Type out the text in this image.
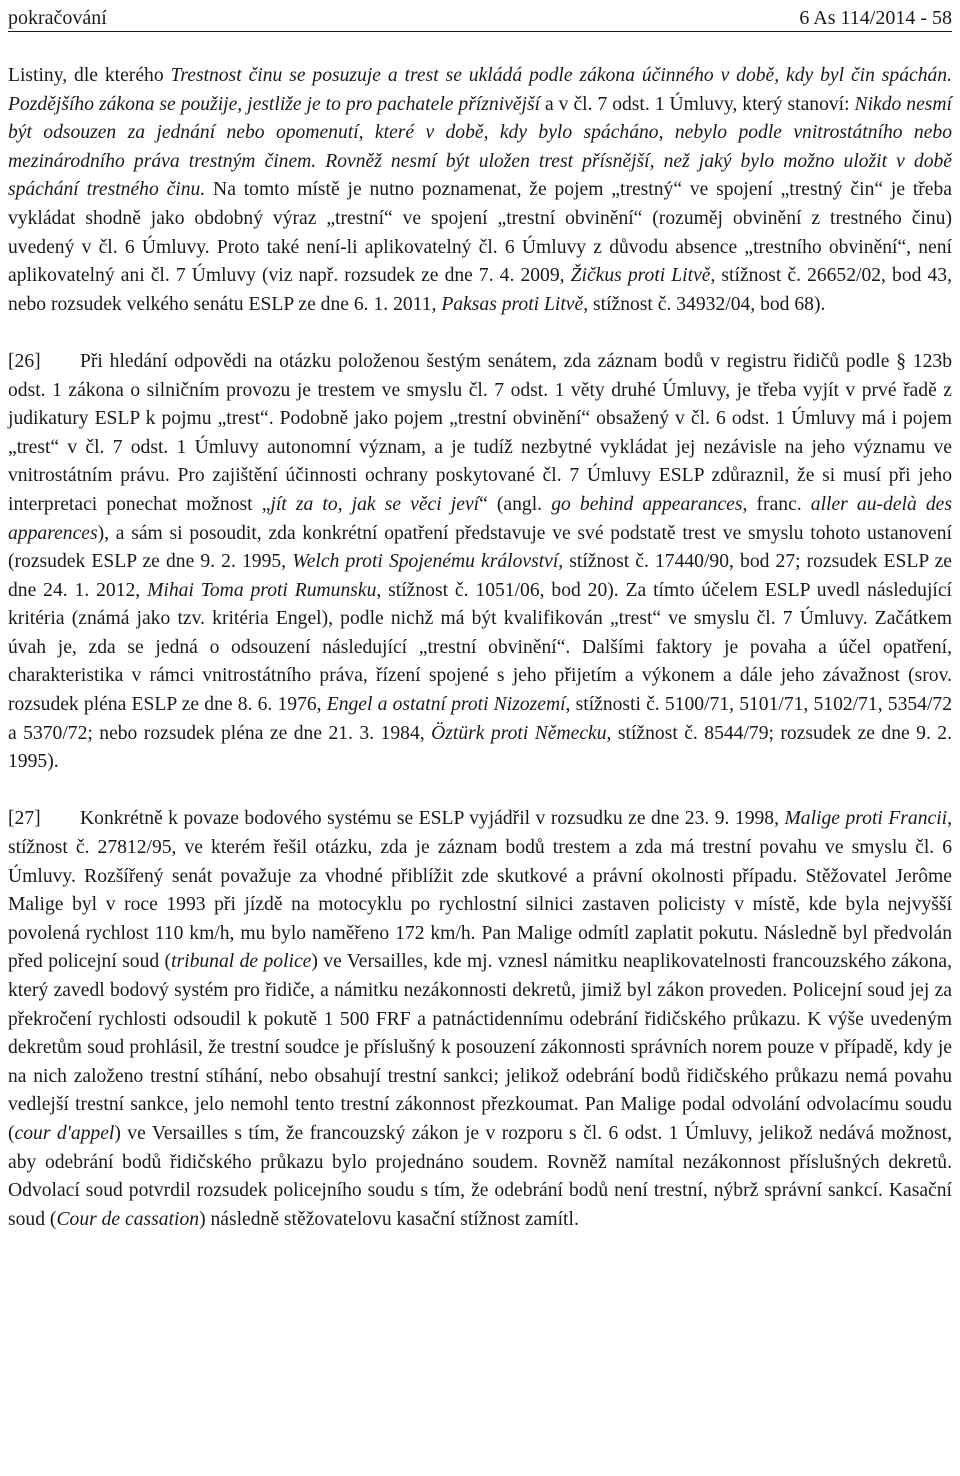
pokračování	6 As 114/2014 - 58

Listiny, dle kterého Trestnost činu se posuzuje a trest se ukládá podle zákona účinného v době, kdy byl čin spáchán. Pozdějšího zákona se použije, jestliže je to pro pachatele příznivější a v čl. 7 odst. 1 Úmluvy, který stanoví: Nikdo nesmí být odsouzen za jednání nebo opomenutí, které v době, kdy bylo spácháno, nebylo podle vnitrostátního nebo mezinárodního práva trestným činem. Rovněž nesmí být uložen trest přísnější, než jaký bylo možno uložit v době spáchání trestného činu. Na tomto místě je nutno poznamenat, že pojem „trestný“ ve spojení „trestný čin“ je třeba vykládat shodně jako obdobný výraz „trestní“ ve spojení „trestní obvinění“ (rozuměj obvinění z trestného činu) uvedený v čl. 6 Úmluvy. Proto také není-li aplikovatelný čl. 6 Úmluvy z důvodu absence „trestního obvinění“, není aplikovatelný ani čl. 7 Úmluvy (viz např. rozsudek ze dne 7. 4. 2009, Žičkus proti Litvě, stížnost č. 26652/02, bod 43, nebo rozsudek velkého senátu ESLP ze dne 6. 1. 2011, Paksas proti Litvě, stížnost č. 34932/04, bod 68).

[26] Při hledání odpovědi na otázku položenou šestým senátem, zda záznam bodů v registru řidičů podle § 123b odst. 1 zákona o silničním provozu je trestem ve smyslu čl. 7 odst. 1 věty druhé Úmluvy, je třeba vyjít v prvé řadě z judikatury ESLP k pojmu „trest“. Podobně jako pojem „trestní obvinění“ obsažený v čl. 6 odst. 1 Úmluvy má i pojem „trest“ v čl. 7 odst. 1 Úmluvy autonomní význam, a je tudíž nezbytné vykládat jej nezávisle na jeho významu ve vnitrostátním právu. Pro zajištění účinnosti ochrany poskytované čl. 7 Úmluvy ESLP zdůraznil, že si musí při jeho interpretaci ponechat možnost „jít za to, jak se věci jeví“ (angl. go behind appearances, franc. aller au-delà des apparences), a sám si posoudit, zda konkrétní opatření představuje ve své podstatě trest ve smyslu tohoto ustanovení (rozsudek ESLP ze dne 9. 2. 1995, Welch proti Spojenému království, stížnost č. 17440/90, bod 27; rozsudek ESLP ze dne 24. 1. 2012, Mihai Toma proti Rumunsku, stížnost č. 1051/06, bod 20). Za tímto účelem ESLP uvedl následující kritéria (známá jako tzv. kritéria Engel), podle nichž má být kvalifikován „trest“ ve smyslu čl. 7 Úmluvy. Začátkem úvah je, zda se jedná o odsouzení následující „trestní obvinění“. Dalšími faktory je povaha a účel opatření, charakteristika v rámci vnitrostátního práva, řízení spojené s jeho přijetím a výkonem a dále jeho závažnost (srov. rozsudek pléna ESLP ze dne 8. 6. 1976, Engel a ostatní proti Nizozemí, stížnosti č. 5100/71, 5101/71, 5102/71, 5354/72 a 5370/72; nebo rozsudek pléna ze dne 21. 3. 1984, Öztürk proti Německu, stížnost č. 8544/79; rozsudek ze dne 9. 2. 1995).

[27] Konkrétně k povaze bodového systému se ESLP vyjádřil v rozsudku ze dne 23. 9. 1998, Malige proti Francii, stížnost č. 27812/95, ve kterém řešil otázku, zda je záznam bodů trestem a zda má trestní povahu ve smyslu čl. 6 Úmluvy. Rozšířený senát považuje za vhodné přiblížit zde skutkové a právní okolnosti případu. Stěžovatel Jerôme Malige byl v roce 1993 při jízdě na motocyklu po rychlostní silnici zastaven policisty v místě, kde byla nejvyšší povolená rychlost 110 km/h, mu bylo naměřeno 172 km/h. Pan Malige odmítl zaplatit pokutu. Následně byl předvolán před policejní soud (tribunal de police) ve Versailles, kde mj. vznesl námitku neaplikovatelnosti francouzského zákona, který zavedl bodový systém pro řidiče, a námitku nezákonnosti dekretů, jimiž byl zákon proveden. Policejní soud jej za překročení rychlosti odsoudil k pokutě 1 500 FRF a patnáctidennímu odebrání řidičského průkazu. K výše uvedeným dekretům soud prohlásil, že trestní soudce je příslušný k posouzení zákonnosti správních norem pouze v případě, kdy je na nich založeno trestní stíhání, nebo obsahují trestní sankci; jelikož odebrání bodů řidičského průkazu nemá povahu vedlejší trestní sankce, jelo nemohl tento trestní zákonnost přezkoumat. Pan Malige podal odvolání odvolacímu soudu (cour d'appel) ve Versailles s tím, že francouzský zákon je v rozporu s čl. 6 odst. 1 Úmluvy, jelikož nedává možnost, aby odebrání bodů řidičského průkazu bylo projednáno soudem. Rovněž namítal nezákonnost příslušných dekretů. Odvolací soud potvrdil rozsudek policejního soudu s tím, že odebrání bodů není trestní, nýbrž správní sankcí. Kasační soud (Cour de cassation) následně stěžovatelovu kasační stížnost zamítl.
